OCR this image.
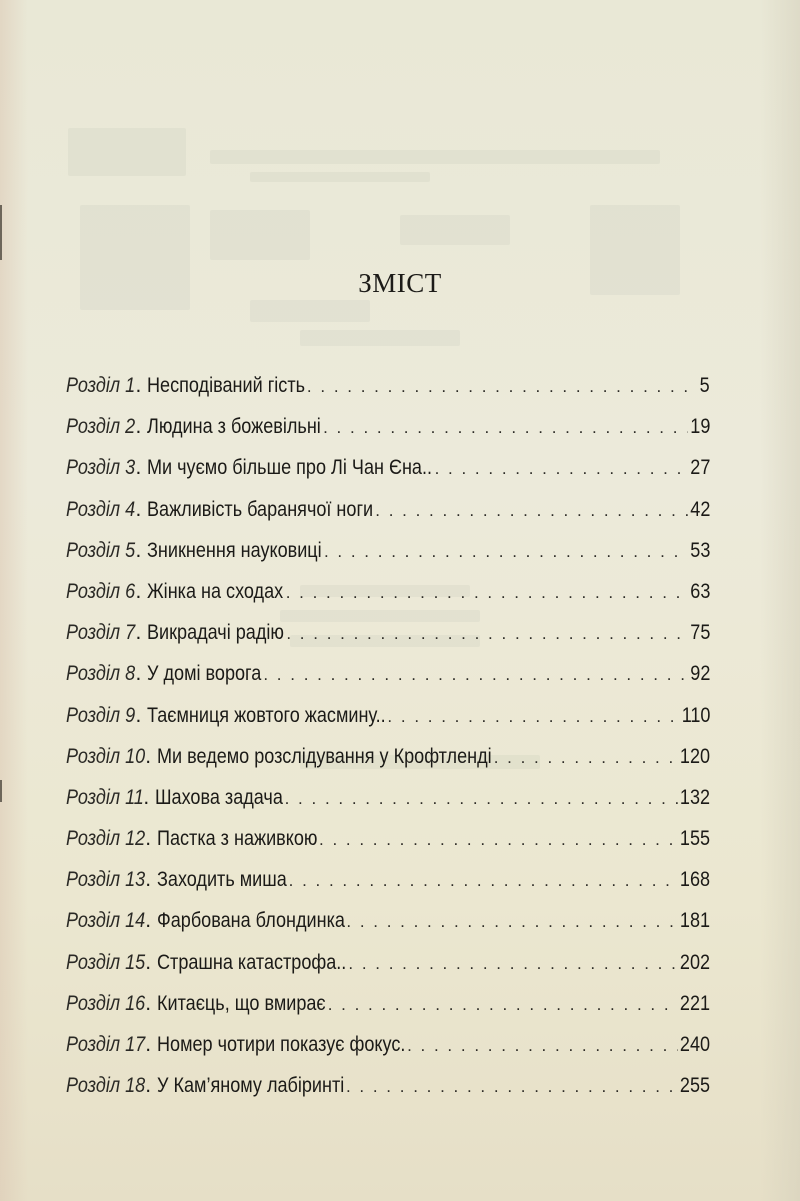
ЗМІСТ
Розділ 1 . Несподіваний гість . . .	5
Розділ 2 . Людина з божевільні . . .	19
Розділ 3 . Ми чуємо більше про Лі Чан Єна.. . . .	27
Розділ 4 . Важливість баранячої ноги . . .	42
Розділ 5 . Зникнення науковиці . . .	53
Розділ 6 . Жінка на сходах . . .	63
Розділ 7 . Викрадачі радію . . .	75
Розділ 8 . У домі ворога . . .	92
Розділ 9 . Таємниця жовтого жасмину.. . . .	110
Розділ 10 . Ми ведемо розслідування у Крофтленді . . .	120
Розділ 11 . Шахова задача . . .	132
Розділ 12 . Пастка з наживкою . . .	155
Розділ 13 . Заходить миша . . .	168
Розділ 14 . Фарбована блондинка . . .	181
Розділ 15 . Страшна катастрофа.. . . .	202
Розділ 16 . Китаєць, що вмирає . . .	221
Розділ 17 . Номер чотири показує фокус. . . .	240
Розділ 18 . У Кам’яному лабіринті . . .	255
